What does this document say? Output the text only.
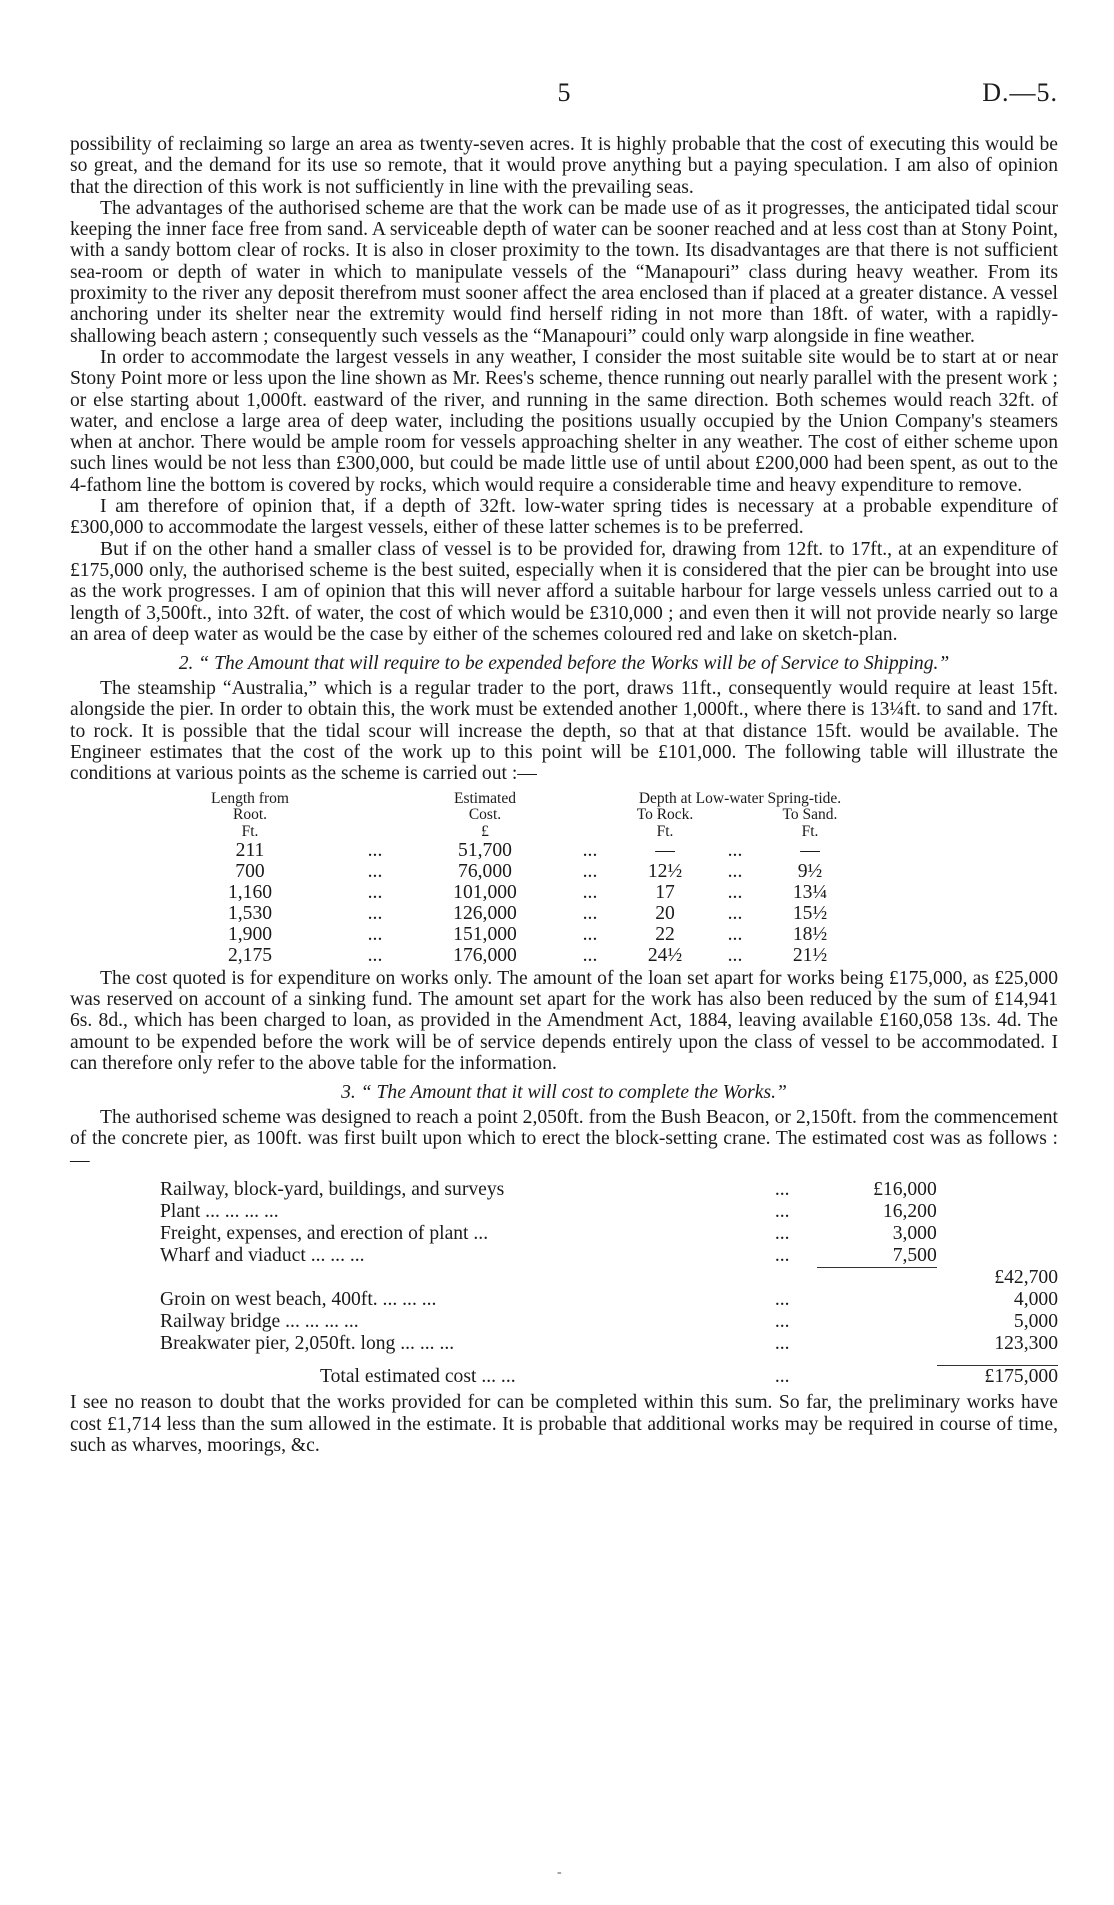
5	D.—5.

possibility of reclaiming so large an area as twenty-seven acres. It is highly probable that the cost of executing this would be so great, and the demand for its use so remote, that it would prove anything but a paying speculation. I am also of opinion that the direction of this work is not sufficiently in line with the prevailing seas.

The advantages of the authorised scheme are that the work can be made use of as it progresses, the anticipated tidal scour keeping the inner face free from sand. A serviceable depth of water can be sooner reached and at less cost than at Stony Point, with a sandy bottom clear of rocks. It is also in closer proximity to the town. Its disadvantages are that there is not sufficient sea-room or depth of water in which to manipulate vessels of the “Manapouri” class during heavy weather. From its proximity to the river any deposit therefrom must sooner affect the area enclosed than if placed at a greater distance. A vessel anchoring under its shelter near the extremity would find herself riding in not more than 18ft. of water, with a rapidly-shallowing beach astern ; consequently such vessels as the “Manapouri” could only warp alongside in fine weather.

In order to accommodate the largest vessels in any weather, I consider the most suitable site would be to start at or near Stony Point more or less upon the line shown as Mr. Rees's scheme, thence running out nearly parallel with the present work ; or else starting about 1,000ft. eastward of the river, and running in the same direction. Both schemes would reach 32ft. of water, and enclose a large area of deep water, including the positions usually occupied by the Union Company's steamers when at anchor. There would be ample room for vessels approaching shelter in any weather. The cost of either scheme upon such lines would be not less than £300,000, but could be made little use of until about £200,000 had been spent, as out to the 4-fathom line the bottom is covered by rocks, which would require a considerable time and heavy expenditure to remove.

I am therefore of opinion that, if a depth of 32ft. low-water spring tides is necessary at a probable expenditure of £300,000 to accommodate the largest vessels, either of these latter schemes is to be preferred.

But if on the other hand a smaller class of vessel is to be provided for, drawing from 12ft. to 17ft., at an expenditure of £175,000 only, the authorised scheme is the best suited, especially when it is considered that the pier can be brought into use as the work progresses. I am of opinion that this will never afford a suitable harbour for large vessels unless carried out to a length of 3,500ft., into 32ft. of water, the cost of which would be £310,000 ; and even then it will not provide nearly so large an area of deep water as would be the case by either of the schemes coloured red and lake on sketch-plan.

2. “ The Amount that will require to be expended before the Works will be of Service to Shipping.”

The steamship “Australia,” which is a regular trader to the port, draws 11ft., consequently would require at least 15ft. alongside the pier. In order to obtain this, the work must be extended another 1,000ft., where there is 13¼ft. to sand and 17ft. to rock. It is possible that the tidal scour will increase the depth, so that at that distance 15ft. would be available. The Engineer estimates that the cost of the work up to this point will be £101,000. The following table will illustrate the conditions at various points as the scheme is carried out :—

Length from		Estimated		Depth at Low-water Spring-tide.		
Root.		Cost.		To Rock.		To Sand.
Ft.		£		Ft.		Ft.
211	...	51,700	...	—	...	—
700	...	76,000	...	12½	...	9½
1,160	...	101,000	...	17	...	13¼
1,530	...	126,000	...	20	...	15½
1,900	...	151,000	...	22	...	18½
2,175	...	176,000	...	24½	...	21½

The cost quoted is for expenditure on works only. The amount of the loan set apart for works being £175,000, as £25,000 was reserved on account of a sinking fund. The amount set apart for the work has also been reduced by the sum of £14,941 6s. 8d., which has been charged to loan, as provided in the Amendment Act, 1884, leaving available £160,058 13s. 4d. The amount to be expended before the work will be of service depends entirely upon the class of vessel to be accommodated. I can therefore only refer to the above table for the information.

3. “ The Amount that it will cost to complete the Works.”

The authorised scheme was designed to reach a point 2,050ft. from the Bush Beacon, or 2,150ft. from the commencement of the concrete pier, as 100ft. was first built upon which to erect the block-setting crane. The estimated cost was as follows :—

Railway, block-yard, buildings, and surveys	...	£16,000	
Plant ... ... ... ...	...	16,200	
Freight, expenses, and erection of plant ...	...	3,000	
Wharf and viaduct ... ... ...	...	7,500	
			£42,700
Groin on west beach, 400ft. ... ... ...	...		4,000
Railway bridge ... ... ... ...	...		5,000
Breakwater pier, 2,050ft. long ... ... ...	...		123,300

Total estimated cost ... ...	...		£175,000

I see no reason to doubt that the works provided for can be completed within this sum. So far, the preliminary works have cost £1,714 less than the sum allowed in the estimate. It is probable that additional works may be required in course of time, such as wharves, moorings, &c.

-
